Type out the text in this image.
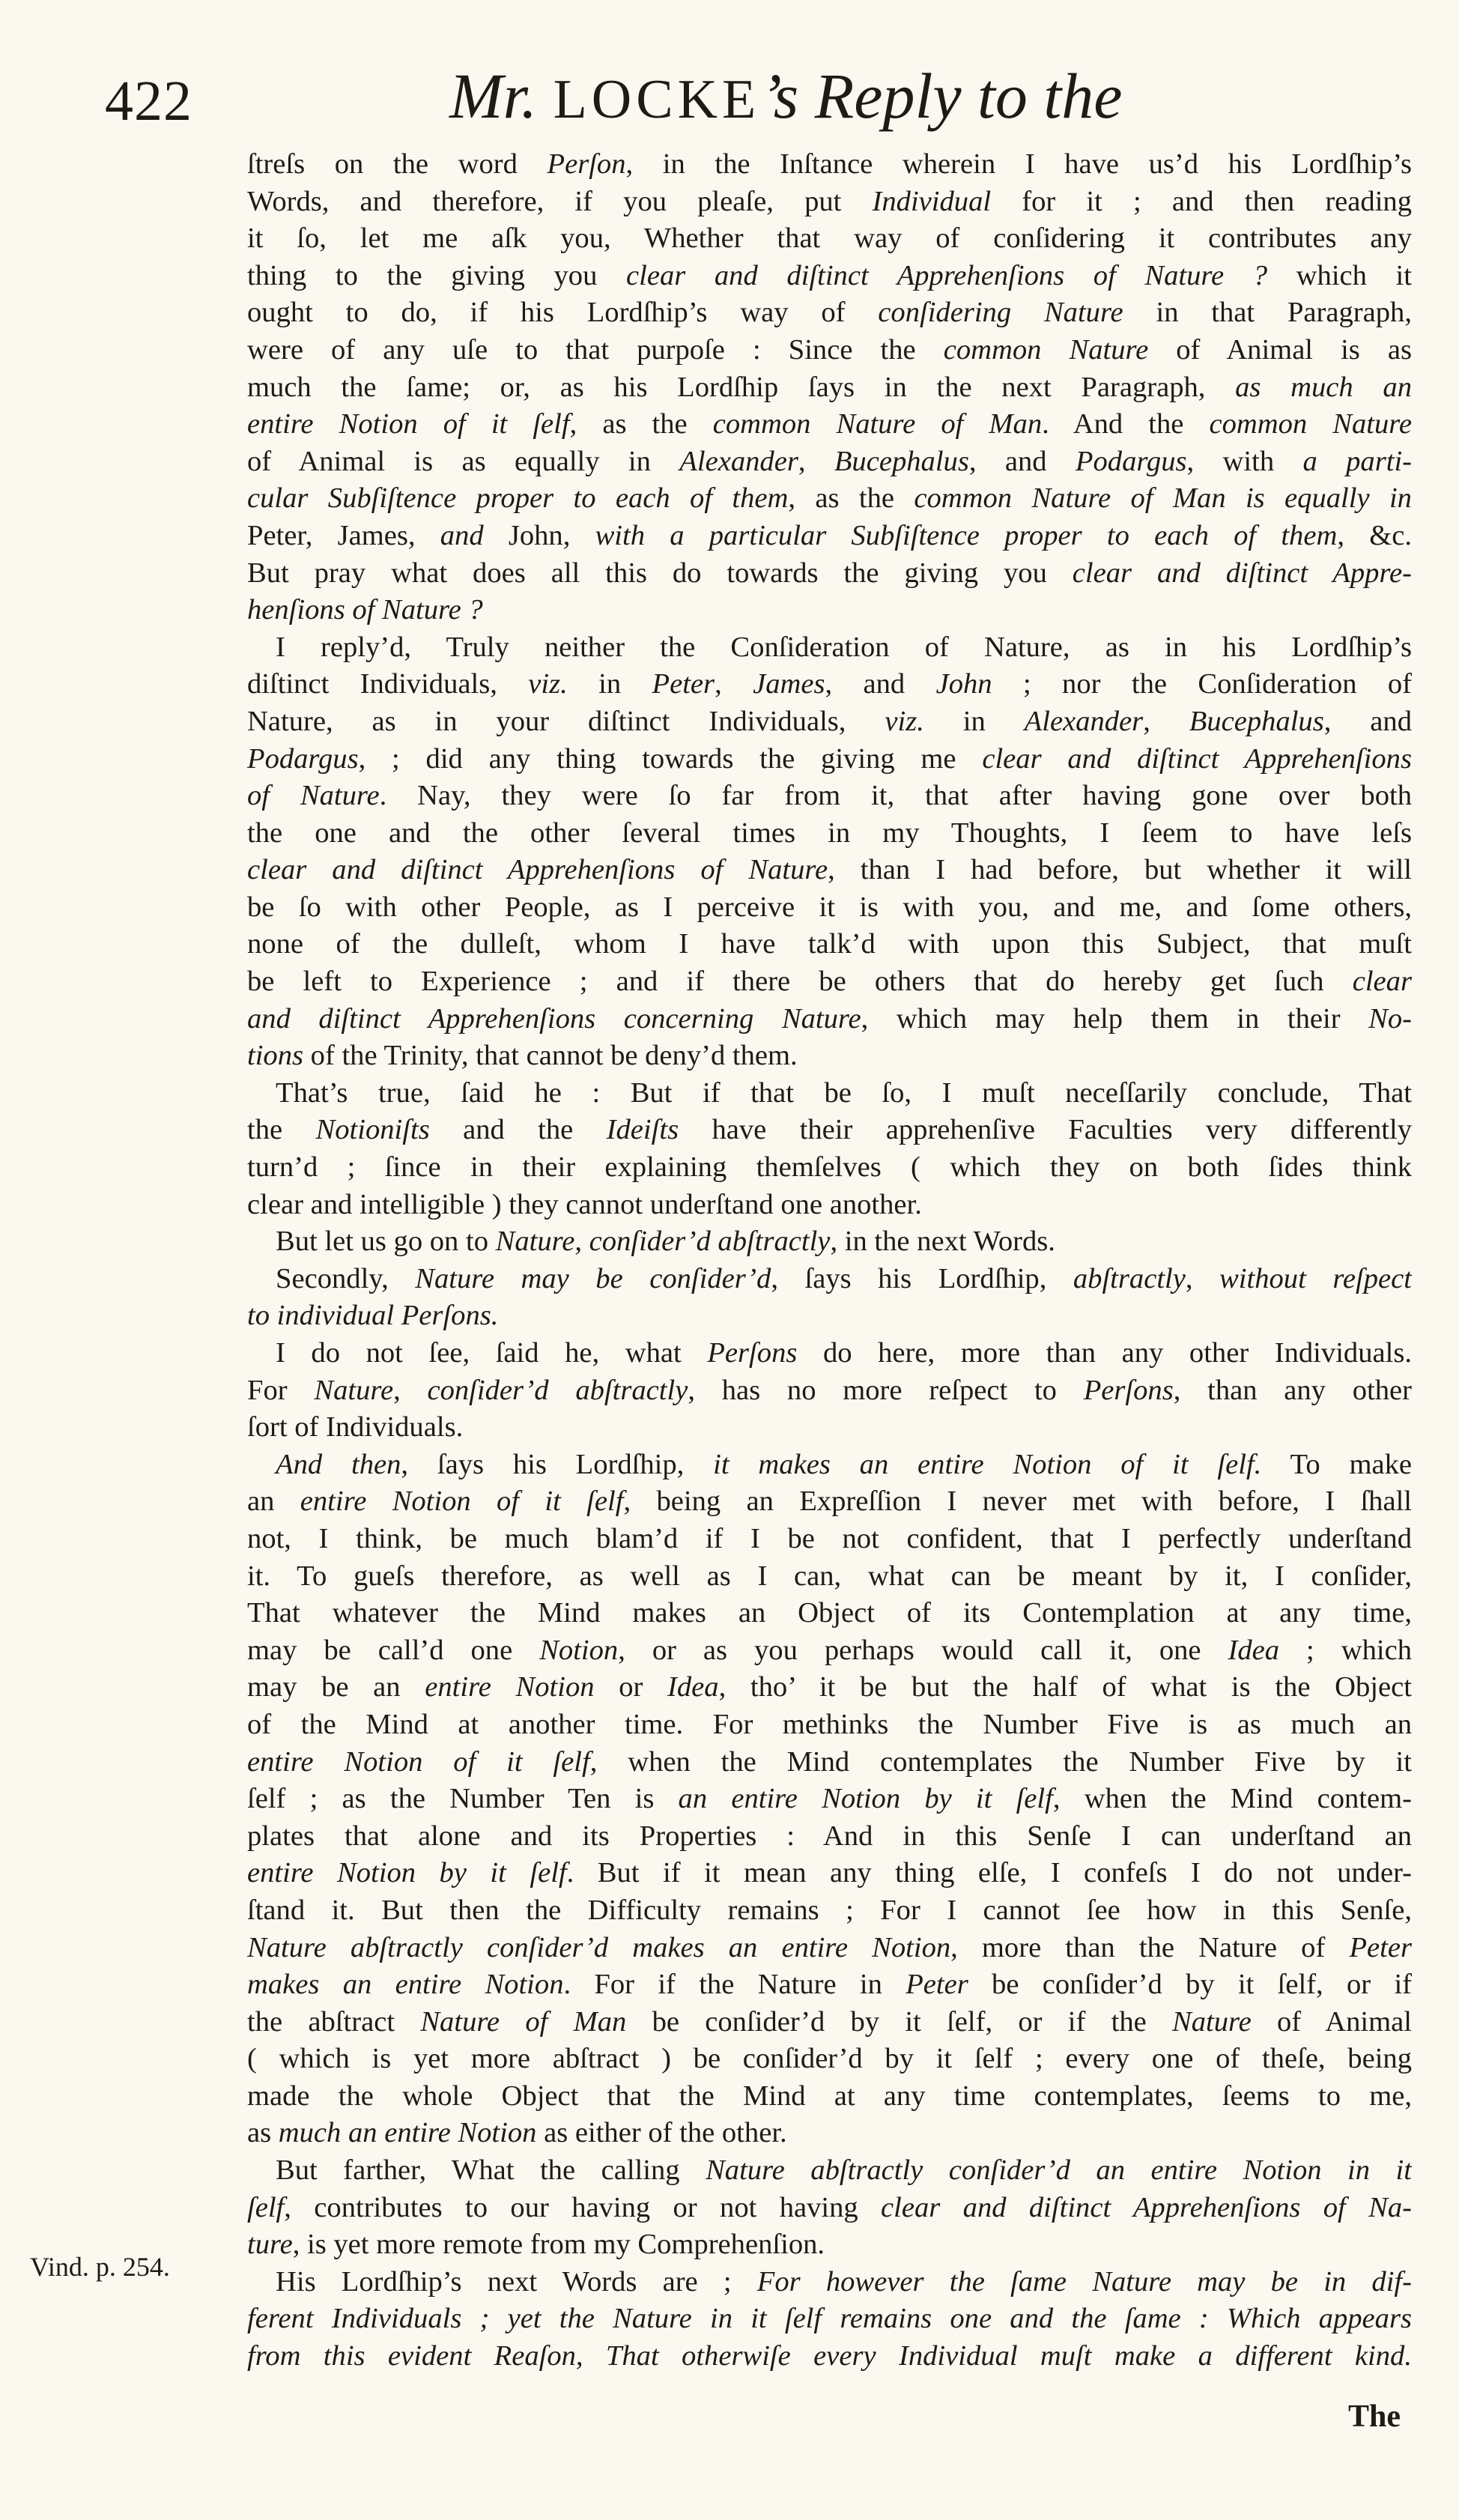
422	Mr. LOCKE’s Reply to the
ſtreſs on the word Perſon, in the Inſtance wherein I have us’d his Lordſhip’s
Words, and therefore, if you pleaſe, put Individual for it ; and then reading
it ſo, let me aſk you, Whether that way of conſidering it contributes any
thing to the giving you clear and diſtinct Apprehenſions of Nature ? which it
ought to do, if his Lordſhip’s way of conſidering Nature in that Paragraph,
were of any uſe to that purpoſe : Since the common Nature of Animal is as
much the ſame; or, as his Lordſhip ſays in the next Paragraph, as much an
entire Notion of it ſelf, as the common Nature of Man. And the common Nature
of Animal is as equally in Alexander, Bucephalus, and Podargus, with a parti-
cular Subſiſtence proper to each of them, as the common Nature of Man is equally in
Peter, James, and John, with a particular Subſiſtence proper to each of them, &c.
But pray what does all this do towards the giving you clear and diſtinct Appre-
henſions of Nature ?
I reply’d, Truly neither the Conſideration of Nature, as in his Lordſhip’s
diſtinct Individuals, viz. in Peter, James, and John ; nor the Conſideration of
Nature, as in your diſtinct Individuals, viz. in Alexander, Bucephalus, and
Podargus, ; did any thing towards the giving me clear and diſtinct Apprehenſions
of Nature. Nay, they were ſo far from it, that after having gone over both
the one and the other ſeveral times in my Thoughts, I ſeem to have leſs
clear and diſtinct Apprehenſions of Nature, than I had before, but whether it will
be ſo with other People, as I perceive it is with you, and me, and ſome others,
none of the dulleſt, whom I have talk’d with upon this Subject, that muſt
be left to Experience ; and if there be others that do hereby get ſuch clear
and diſtinct Apprehenſions concerning Nature, which may help them in their No-
tions of the Trinity, that cannot be deny’d them.
That’s true, ſaid he : But if that be ſo, I muſt neceſſarily conclude, That
the Notioniſts and the Ideiſts have their apprehenſive Faculties very differently
turn’d ; ſince in their explaining themſelves ( which they on both ſides think
clear and intelligible ) they cannot underſtand one another.
But let us go on to Nature, conſider’d abſtractly, in the next Words.
Secondly, Nature may be conſider’d, ſays his Lordſhip, abſtractly, without reſpect
to individual Perſons.
I do not ſee, ſaid he, what Perſons do here, more than any other Individuals.
For Nature, conſider’d abſtractly, has no more reſpect to Perſons, than any other
ſort of Individuals.
And then, ſays his Lordſhip, it makes an entire Notion of it ſelf. To make
an entire Notion of it ſelf, being an Expreſſion I never met with before, I ſhall
not, I think, be much blam’d if I be not confident, that I perfectly underſtand
it. To gueſs therefore, as well as I can, what can be meant by it, I conſider,
That whatever the Mind makes an Object of its Contemplation at any time,
may be call’d one Notion, or as you perhaps would call it, one Idea ; which
may be an entire Notion or Idea, tho’ it be but the half of what is the Object
of the Mind at another time. For methinks the Number Five is as much an
entire Notion of it ſelf, when the Mind contemplates the Number Five by it
ſelf ; as the Number Ten is an entire Notion by it ſelf, when the Mind contem-
plates that alone and its Properties : And in this Senſe I can underſtand an
entire Notion by it ſelf. But if it mean any thing elſe, I confeſs I do not under-
ſtand it. But then the Difficulty remains ; For I cannot ſee how in this Senſe,
Nature abſtractly conſider’d makes an entire Notion, more than the Nature of Peter
makes an entire Notion. For if the Nature in Peter be conſider’d by it ſelf, or if
the abſtract Nature of Man be conſider’d by it ſelf, or if the Nature of Animal
( which is yet more abſtract ) be conſider’d by it ſelf ; every one of theſe, being
made the whole Object that the Mind at any time contemplates, ſeems to me,
as much an entire Notion as either of the other.
But farther, What the calling Nature abſtractly conſider’d an entire Notion in it
ſelf, contributes to our having or not having clear and diſtinct Apprehenſions of Na-
ture, is yet more remote from my Comprehenſion.
His Lordſhip’s next Words are ; For however the ſame Nature may be in dif-
ferent Individuals ; yet the Nature in it ſelf remains one and the ſame : Which appears
from this evident Reaſon, That otherwiſe every Individual muſt make a different kind.
Vind. p. 254.
The
